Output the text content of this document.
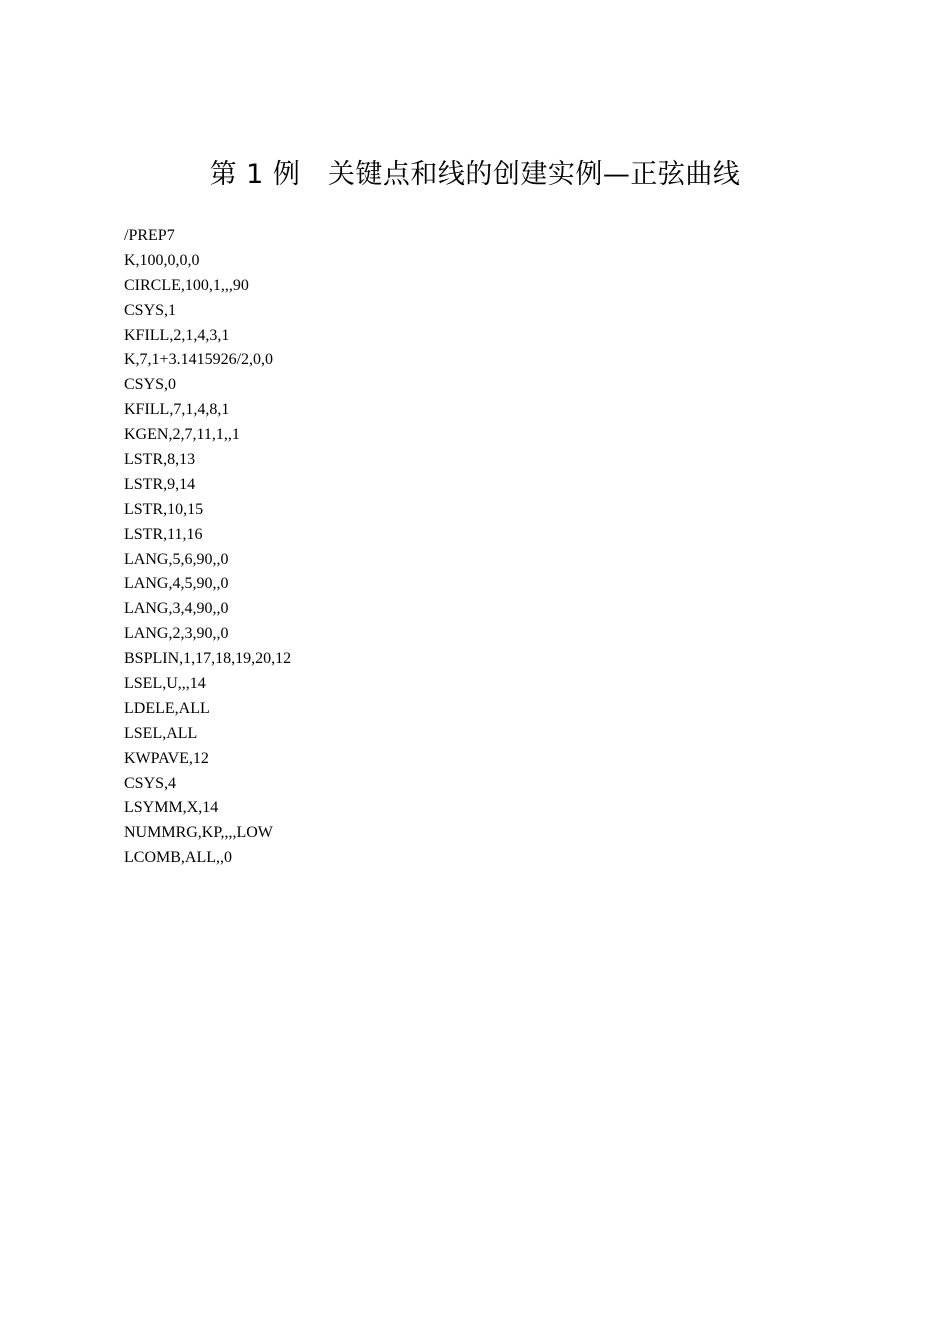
第 1 例　关键点和线的创建实例—正弦曲线
/PREP7
K,100,0,0,0
CIRCLE,100,1,,,90
CSYS,1
KFILL,2,1,4,3,1
K,7,1+3.1415926/2,0,0
CSYS,0
KFILL,7,1,4,8,1
KGEN,2,7,11,1,,1
LSTR,8,13
LSTR,9,14
LSTR,10,15
LSTR,11,16
LANG,5,6,90,,0
LANG,4,5,90,,0
LANG,3,4,90,,0
LANG,2,3,90,,0
BSPLIN,1,17,18,19,20,12
LSEL,U,,,14
LDELE,ALL
LSEL,ALL
KWPAVE,12
CSYS,4
LSYMM,X,14
NUMMRG,KP,,,,LOW
LCOMB,ALL,,0
